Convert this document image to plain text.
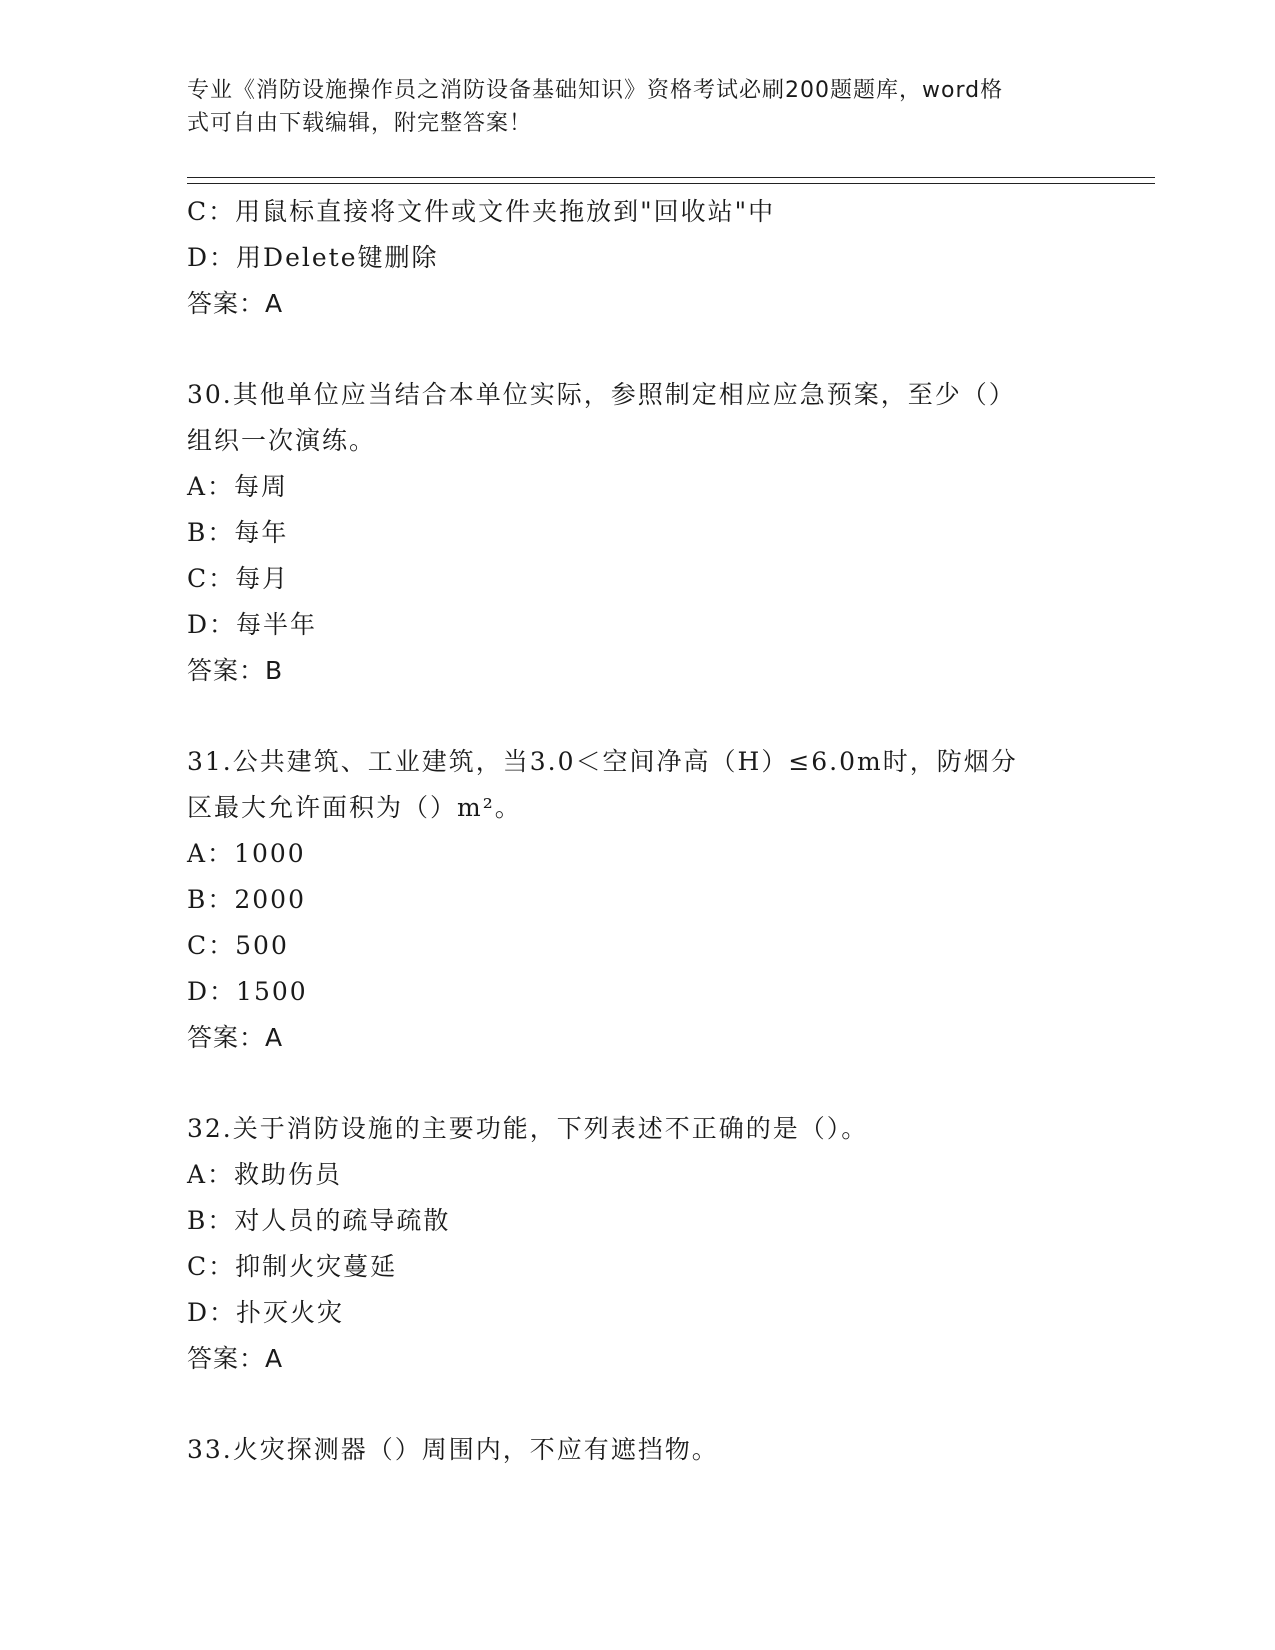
专业《消防设施操作员之消防设备基础知识》资格考试必刷200题题库，word格
式可自由下载编辑，附完整答案！
C：用鼠标直接将文件或文件夹拖放到"回收站"中
D：用Delete键删除
答案：A
30.其他单位应当结合本单位实际，参照制定相应应急预案，至少（）
组织一次演练。
A：每周
B：每年
C：每月
D：每半年
答案：B
31.公共建筑、工业建筑，当3.0＜空间净高（H）≤6.0m时，防烟分
区最大允许面积为（）m²。
A：1000
B：2000
C：500
D：1500
答案：A
32.关于消防设施的主要功能，下列表述不正确的是（）。
A：救助伤员
B：对人员的疏导疏散
C：抑制火灾蔓延
D：扑灭火灾
答案：A
33.火灾探测器（）周围内，不应有遮挡物。
